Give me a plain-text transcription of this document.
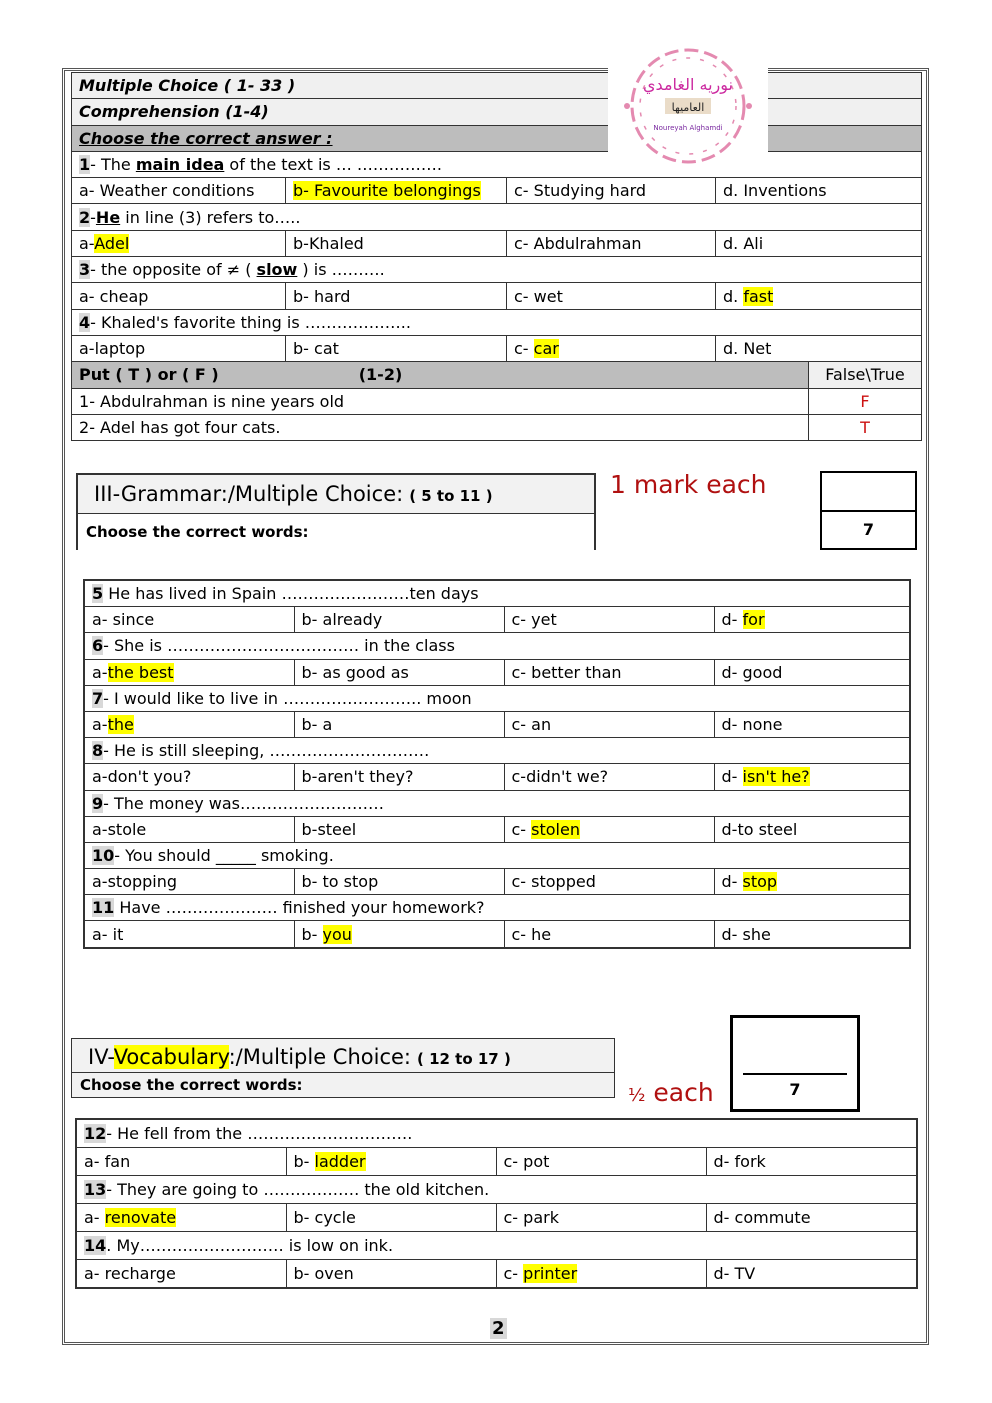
Multiple Choice ( 1- 33 )				
Comprehension (1-4)				
Choose the correct answer :				
1- The main idea of the text is … …………….				
a- Weather conditions	b- Favourite belongings	c- Studying hard	d. Inventions	
2-He in line (3) refers to…..				
a-Adel	b-Khaled	c- Abdulrahman	d. Ali	
3- the opposite of ≠ ( slow ) is ……….				
a- cheap	b- hard	c- wet	d. fast	
4- Khaled's favorite thing is ………………..				
a-laptop	b- cat	c- car	d. Net	
Put ( T ) or ( F ) (1-2)				False\True
1- Abdulrahman is nine years old				F
2- Adel has got four cats.				T
نوريه الغامدي
العاميها
Noureyah Alghamdi
III-Grammar:/Multiple Choice: ( 5 to 11 )
Choose the correct words:
1 mark each
7
5 He has lived in Spain ……………………ten days			
a- since	b- already	c- yet	d- for
6- She is ……………………………… in the class			
a-the best	b- as good as	c- better than	d- good
7- I would like to live in …………………….. moon			
a-the	b- a	c- an	d- none
8- He is still sleeping, …………………………			
a-don't you?	b-aren't they?	c-didn't we?	d- isn't he?
9- The money was………………………			
a-stole	b-steel	c- stolen	d-to steel
10- You should _____ smoking.			
a-stopping	b- to stop	c- stopped	d- stop
11 Have ………………… finished your homework?			
a- it	b- you	c- he	d- she
IV-Vocabulary:/Multiple Choice: ( 12 to 17 )
Choose the correct words:	½ each	7
12- He fell from the ………………………….			
a- fan	b- ladder	c- pot	d- fork
13- They are going to ……………… the old kitchen.			
a- renovate	b- cycle	c- park	d- commute
14. My……………………… is low on ink.			
a- recharge	b- oven	c- printer	d- TV
2
